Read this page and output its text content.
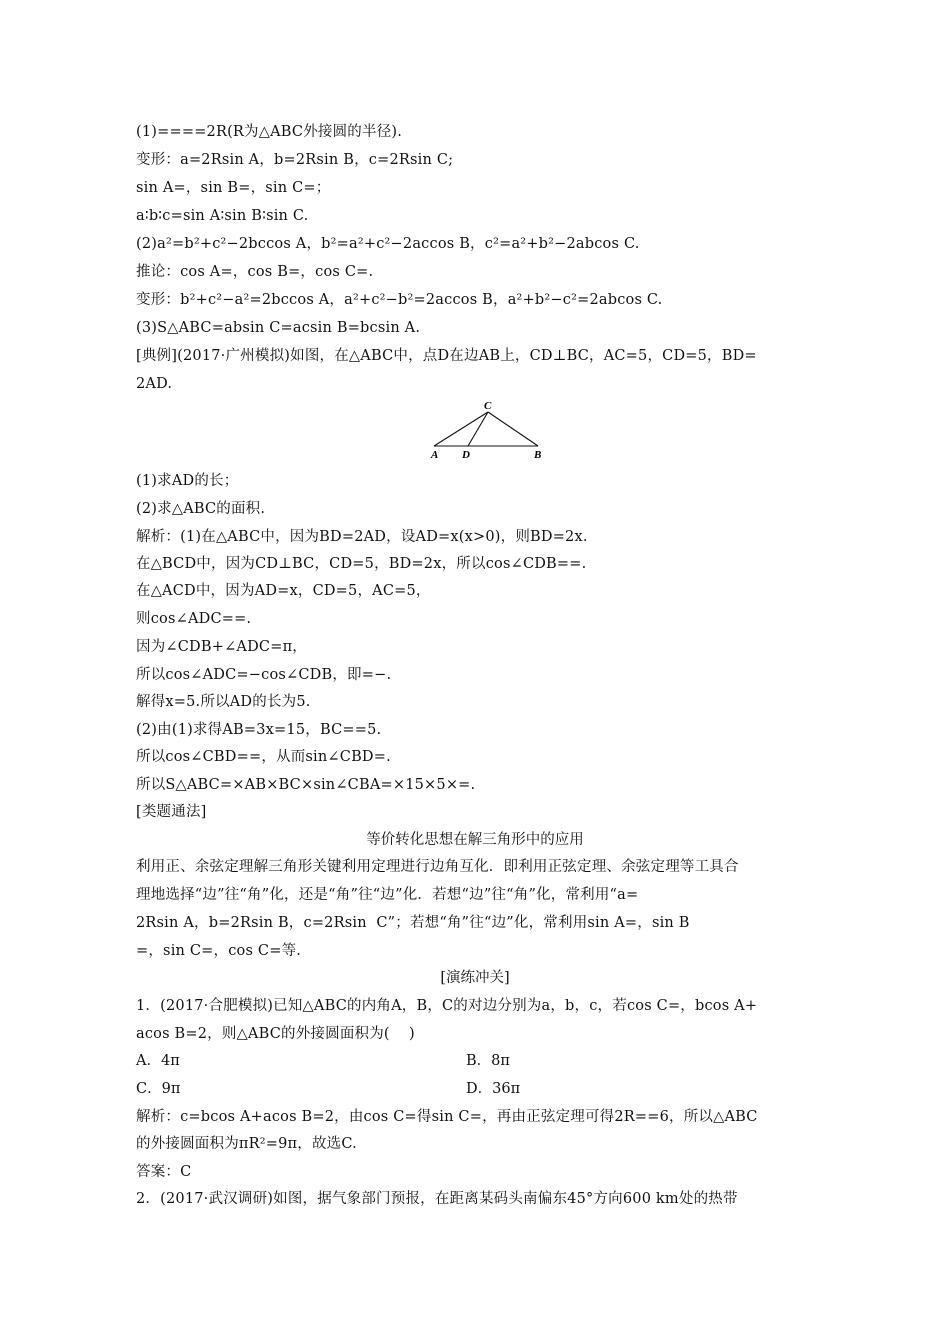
(1)====2R(R为△ABC外接圆的半径).
变形：a=2Rsin A，b=2Rsin B，c=2Rsin C;
sin A=，sin B=，sin C=；
a∶b∶c=sin A∶sin B∶sin C.
(2)a²=b²+c²−2bccos A，b²=a²+c²−2accos B，c²=a²+b²−2abcos C.
推论：cos A=，cos B=，cos C=.
变形：b²+c²−a²=2bccos A，a²+c²−b²=2accos B，a²+b²−c²=2abcos C.
(3)S△ABC=absin C=acsin B=bcsin A.
[典例](2017·广州模拟)如图，在△ABC中，点D在边AB上，CD⊥BC，AC=5，CD=5，BD=
2AD.
C
A D	B
(1)求AD的长；
(2)求△ABC的面积.
解析：(1)在△ABC中，因为BD=2AD，设AD=x(x>0)，则BD=2x.
在△BCD中，因为CD⊥BC，CD=5，BD=2x，所以cos∠CDB==.
在△ACD中，因为AD=x，CD=5，AC=5，
则cos∠ADC==.
因为∠CDB+∠ADC=π，
所以cos∠ADC=−cos∠CDB，即=−.
解得x=5.所以AD的长为5.
(2)由(1)求得AB=3x=15，BC==5.
所以cos∠CBD==，从而sin∠CBD=.
所以S△ABC=×AB×BC×sin∠CBA=×15×5×=.
[类题通法]
等价转化思想在解三角形中的应用
利用正、余弦定理解三角形关键利用定理进行边角互化．即利用正弦定理、余弦定理等工具合
理地选择“边”往“角”化，还是“角”往“边”化．若想“边”往“角”化，常利用“a=
2Rsin A，b=2Rsin B，c=2Rsin  C”；若想“角”往“边”化，常利用sin A=，sin B
=，sin C=，cos C=等.
[演练冲关]
1．(2017·合肥模拟)已知△ABC的内角A，B，C的对边分别为a，b，c，若cos C=，bcos A+
acos B=2，则△ABC的外接圆面积为(    )
A．4π	B．8π
C．9π	D．36π
解析：c=bcos A+acos B=2，由cos C=得sin C=，再由正弦定理可得2R==6，所以△ABC
的外接圆面积为πR²=9π，故选C.
答案：C
2．(2017·武汉调研)如图，据气象部门预报，在距离某码头南偏东45°方向600 km处的热带
